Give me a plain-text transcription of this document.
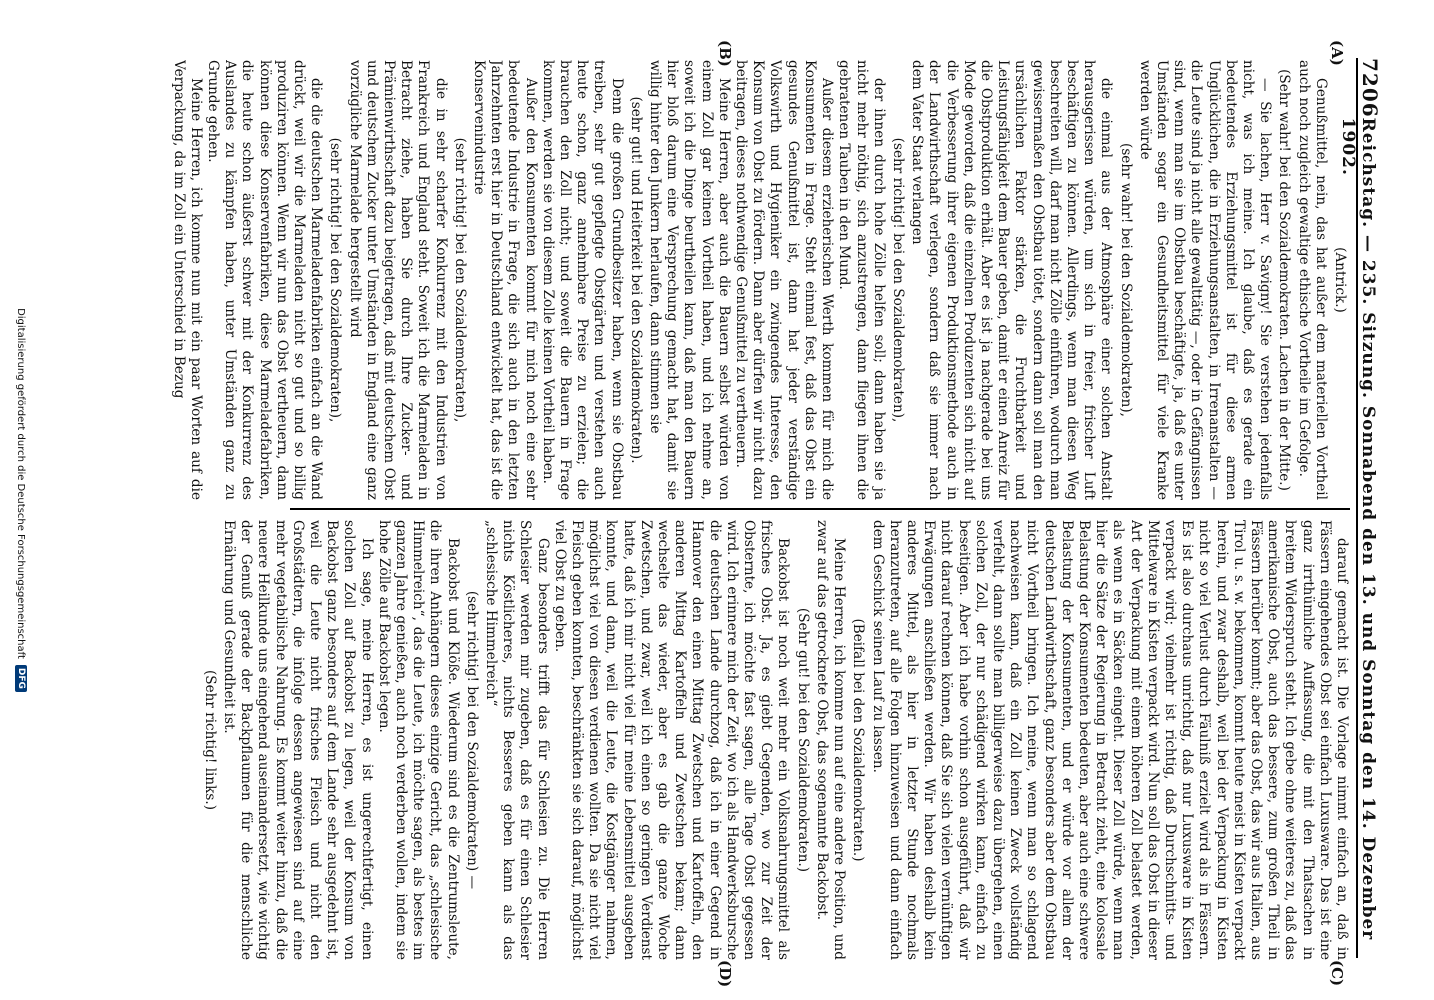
7206
Reichstag. — 235. Sitzung. Sonnabend den 13. und Sonntag den 14. Dezember 1902.
(A)
(B)
(C)
(D)

(Antrick.)

Genußmittel, nein, das hat außer dem materiellen Vortheil auch noch zugleich gewaltige ethische Vortheile im Gefolge.

(Sehr wahr! bei den Sozialdemokraten. Lachen in der Mitte.)

— Sie lachen, Herr v. Savigny! Sie verstehen jedenfalls nicht, was ich meine. Ich glaube, daß es gerade ein bedeutendes Erziehungsmittel ist für diese armen Unglücklichen, die in Erziehungsanstalten, in Irrenanstalten — die Leute sind ja nicht alle gewalttätig —, oder in Gefängnissen sind, wenn man sie im Obstbau beschäftigte, ja, daß es unter Umständen sogar ein Gesundheitsmittel für viele Kranke werden würde

(sehr wahr! bei den Sozialdemokraten),

die einmal aus der Atmosphäre einer solchen Anstalt herausgerissen würden, um sich in freier, frischer Luft beschäftigen zu können. Allerdings, wenn man diesen Weg beschreiten will, darf man nicht Zölle einführen, wodurch man gewissermaßen den Obstbau tötet, sondern dann soll man den ursächlichen Faktor stärken, die Fruchtbarkeit und Leistungsfähigkeit dem Bauer geben, damit er einen Anreiz für die Obstproduktion erhält. Aber es ist ja nachgerade bei uns Mode geworden, daß die einzelnen Produzenten sich nicht auf die Verbesserung ihrer eigenen Produktionsmethode auch in der Landwirthschaft verlegen, sondern daß sie immer nach dem Vater Staat verlangen

(sehr richtig! bei den Sozialdemokraten),

der ihnen durch hohe Zölle helfen soll; dann haben sie ja nicht mehr nöthig, sich anzustrengen, dann fliegen ihnen die gebratenen Tauben in den Mund.

Außer diesem erzieherischen Werth kommen für mich die Konsumenten in Frage. Steht einmal fest, daß das Obst ein gesundes Genußmittel ist, dann hat jeder verständige Volkswirth und Hygieniker ein zwingendes Interesse, den Konsum von Obst zu fördern. Dann aber dürfen wir nicht dazu beitragen, dieses nothwendige Genußmittel zu vertheuern.

Meine Herren, aber auch die Bauern selbst würden von einem Zoll gar keinen Vortheil haben, und ich nehme an, soweit ich die Dinge beurtheilen kann, daß man den Bauern hier bloß darum eine Versprechung gemacht hat, damit sie willig hinter den Junkern herlaufen, dann stimmen sie

(sehr gut! und Heiterkeit bei den Sozialdemokraten).

Denn die großen Grundbesitzer haben, wenn sie Obstbau treiben, sehr gut gepflegte Obstgärten und verstehen auch heute schon, ganz annehmbare Preise zu erzielen; die brauchen den Zoll nicht; und soweit die Bauern in Frage kommen, werden sie von diesem Zolle keinen Vortheil haben.

Außer den Konsumenten kommt für mich noch eine sehr bedeutende Industrie in Frage, die sich auch in den letzten Jahrzehnten erst hier in Deutschland entwickelt hat, das ist die Konservenindustrie

(sehr richtig! bei den Sozialdemokraten),

die in sehr scharfer Konkurrenz mit den Industrien von Frankreich und England steht. Soweit ich die Marmeladen in Betracht ziehe, haben Sie durch Ihre Zucker- und Prämienwirthschaft dazu beigetragen, daß mit deutschem Obst und deutschem Zucker unter Umständen in England eine ganz vorzügliche Marmelade hergestellt wird

(sehr richtig! bei den Sozialdemokraten),

die die deutschen Marmeladenfabriken einfach an die Wand drückt, weil wir die Marmeladen nicht so gut und so billig produziren können. Wenn wir nun das Obst vertheuern, dann können diese Konservenfabriken, diese Marmeladefabriken, die heute schon äußerst schwer mit der Konkurrenz des Auslandes zu kämpfen haben, unter Umständen ganz zu Grunde gehen.

Meine Herren, ich komme nun mit ein paar Worten auf die Verpackung, da im Zoll ein Unterschied in Bezug

darauf gemacht ist. Die Vorlage nimmt einfach an, daß in Fässern eingehendes Obst sei einfach Luxusware. Das ist eine ganz irrthümliche Auffassung, die mit den Thatsachen in breitem Widerspruch steht. Ich gebe ohne weiteres zu, daß das amerikanische Obst, auch das bessere, zum großen Theil in Fässern herüber kommt; aber das Obst, das wir aus Italien, aus Tirol u. s. w. bekommen, kommt heute meist in Kisten verpackt herein, und zwar deshalb, weil bei der Verpackung in Kisten nicht so viel Verlust durch Fäulniß erzielt wird als in Fässern. Es ist also durchaus unrichtig, daß nur Luxusware in Kisten verpackt wird; vielmehr ist richtig, daß Durchschnitts- und Mittelware in Kisten verpackt wird. Nun soll das Obst in dieser Art der Verpackung mit einem höheren Zoll belastet werden, als wenn es in Säcken eingeht. Dieser Zoll würde, wenn man hier die Sätze der Regierung in Betracht zieht, eine kolossale Belastung der Konsumenten bedeuten, aber auch eine schwere Belastung der Konsumenten, und er würde vor allem der deutschen Landwirthschaft, ganz besonders aber dem Obstbau nicht Vortheil bringen. Ich meine, wenn man so schlagend nachweisen kann, daß ein Zoll keinen Zweck vollständig verfehlt, dann sollte man billigerweise dazu übergehen, einen solchen Zoll, der nur schädigend wirken kann, einfach zu beseitigen. Aber ich habe vorhin schon ausgeführt, daß wir nicht darauf rechnen können, daß Sie sich vielen vernünftigen Erwägungen anschließen werden. Wir haben deshalb kein anderes Mittel, als hier in letzter Stunde nochmals heranzutreten, auf alle Folgen hinzuweisen und dann einfach dem Geschick seinen Lauf zu lassen.

(Beifall bei den Sozialdemokraten.)

Meine Herren, ich komme nun auf eine andere Position, und zwar auf das getrocknete Obst, das sogenannte Backobst.

(Sehr gut! bei den Sozialdemokraten.)

Backobst ist noch weit mehr ein Volksnahrungsmittel als frisches Obst. Ja, es giebt Gegenden, wo zur Zeit der Obsternte, ich möchte fast sagen, alle Tage Obst gegessen wird. Ich erinnere mich der Zeit, wo ich als Handwerksbursche die deutschen Lande durchzog, daß ich in einer Gegend in Hannover den einen Mittag Zwetschen und Kartoffeln, den anderen Mittag Kartoffeln und Zwetschen bekam; dann wechselte das wieder, aber es gab die ganze Woche Zwetschen, und zwar, weil ich einen so geringen Verdienst hatte, daß ich mir nicht viel für meine Lebensmittel ausgeben konnte, und dann, weil die Leute, die Kostgänger nahmen, möglichst viel von diesen verdienen wollten. Da sie nicht viel Fleisch geben konnten, beschränkten sie sich darauf, möglichst viel Obst zu geben.

Ganz besonders trifft das für Schlesien zu. Die Herren Schlesier werden mir zugeben, daß es für einen Schlesier nichts Köstlicheres, nichts Besseres geben kann als das „schlesische Himmelreich“

(sehr richtig! bei den Sozialdemokraten) —

Backobst und Klöße. Wiederum sind es die Zentrumsleute, die ihren Anhängern dieses einzige Gericht, das „schlesische Himmelreich“, das die Leute, ich möchte sagen, als bestes im ganzen Jahre genießen, auch noch verderben wollen, indem sie hohe Zölle auf Backobst legen.

Ich sage, meine Herren, es ist ungerechtfertigt, einen solchen Zoll auf Backobst zu legen, weil der Konsum von Backobst ganz besonders auf dem Lande sehr ausgedehnt ist, weil die Leute nicht frisches Fleisch und nicht den Großstädtern, die infolge dessen angewiesen sind auf eine mehr vegetabilische Nahrung. Es kommt weiter hinzu, daß die neuere Heilkunde uns eingehend auseinandersetzt, wie wichtig der Genuß gerade der Backpflaumen für die menschliche Ernährung und Gesundheit ist.

(Sehr richtig! links.)

Digitalisierung gefördert durch die Deutsche Forschungsgemeinschaft
DFG
